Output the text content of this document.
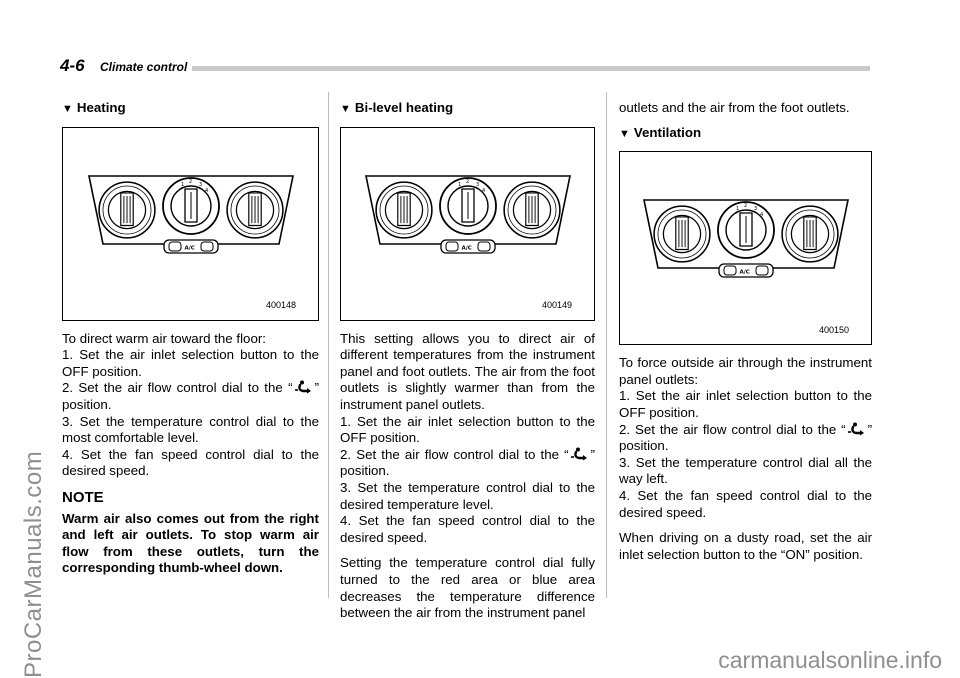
4-6 Climate control
▼ Heating
400148

To direct warm air toward the floor:

1. Set the air inlet selection button to the OFF position.

2. Set the air flow control dial to the “ ” position.

3. Set the temperature control dial to the most comfortable level.

4. Set the fan speed control dial to the desired speed.

NOTE

Warm air also comes out from the right and left air outlets. To stop warm air flow from these outlets, turn the corresponding thumb-wheel down.

▼ Bi-level heating
400149

This setting allows you to direct air of different temperatures from the instrument panel and foot outlets. The air from the foot outlets is slightly warmer than from the instrument panel outlets.

1. Set the air inlet selection button to the OFF position.

2. Set the air flow control dial to the “ ” position.

3. Set the temperature control dial to the desired temperature level.

4. Set the fan speed control dial to the desired speed.

Setting the temperature control dial fully turned to the red area or blue area decreases the temperature difference between the air from the instrument panel

outlets and the air from the foot outlets.

▼ Ventilation
400150

To force outside air through the instrument panel outlets:

1. Set the air inlet selection button to the OFF position.

2. Set the air flow control dial to the “ ” position.

3. Set the temperature control dial all the way left.

4. Set the fan speed control dial to the desired speed.

When driving on a dusty road, set the air inlet selection button to the “ON” position.

ProCarManuals.com	carmanualsonline.info
